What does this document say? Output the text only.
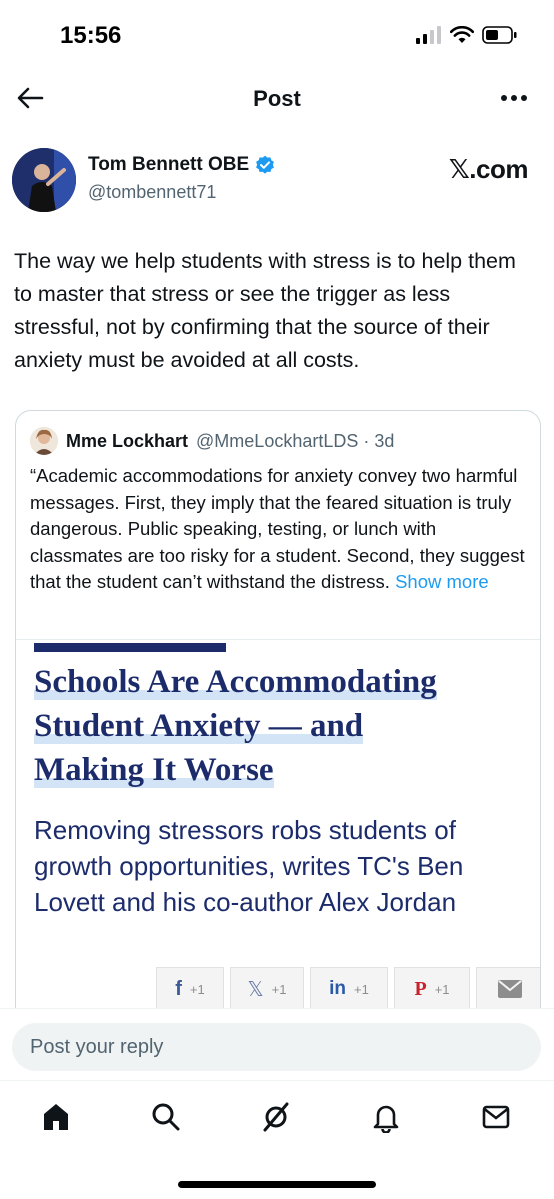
15:56
Post
Tom Bennett OBE
@tombennett71
𝕏.com
The way we help students with stress is to help them to master that stress or see the trigger as less stressful, not by confirming that the source of their anxiety must be avoided at all costs.
Mme Lockhart @MmeLockhartLDS · 3d
“Academic accommodations for anxiety convey two harmful messages. First, they imply that the feared situation is truly dangerous. Public speaking, testing, or lunch with classmates are too risky for a student. Second, they suggest that the student can’t withstand the distress. Show more
Schools Are Accommodating
Student Anxiety — and
Making It Worse
Removing stressors robs students of growth opportunities, writes TC's Ben Lovett and his co-author Alex Jordan
f +1 𝕏 +1 in +1 P +1
Post your reply
